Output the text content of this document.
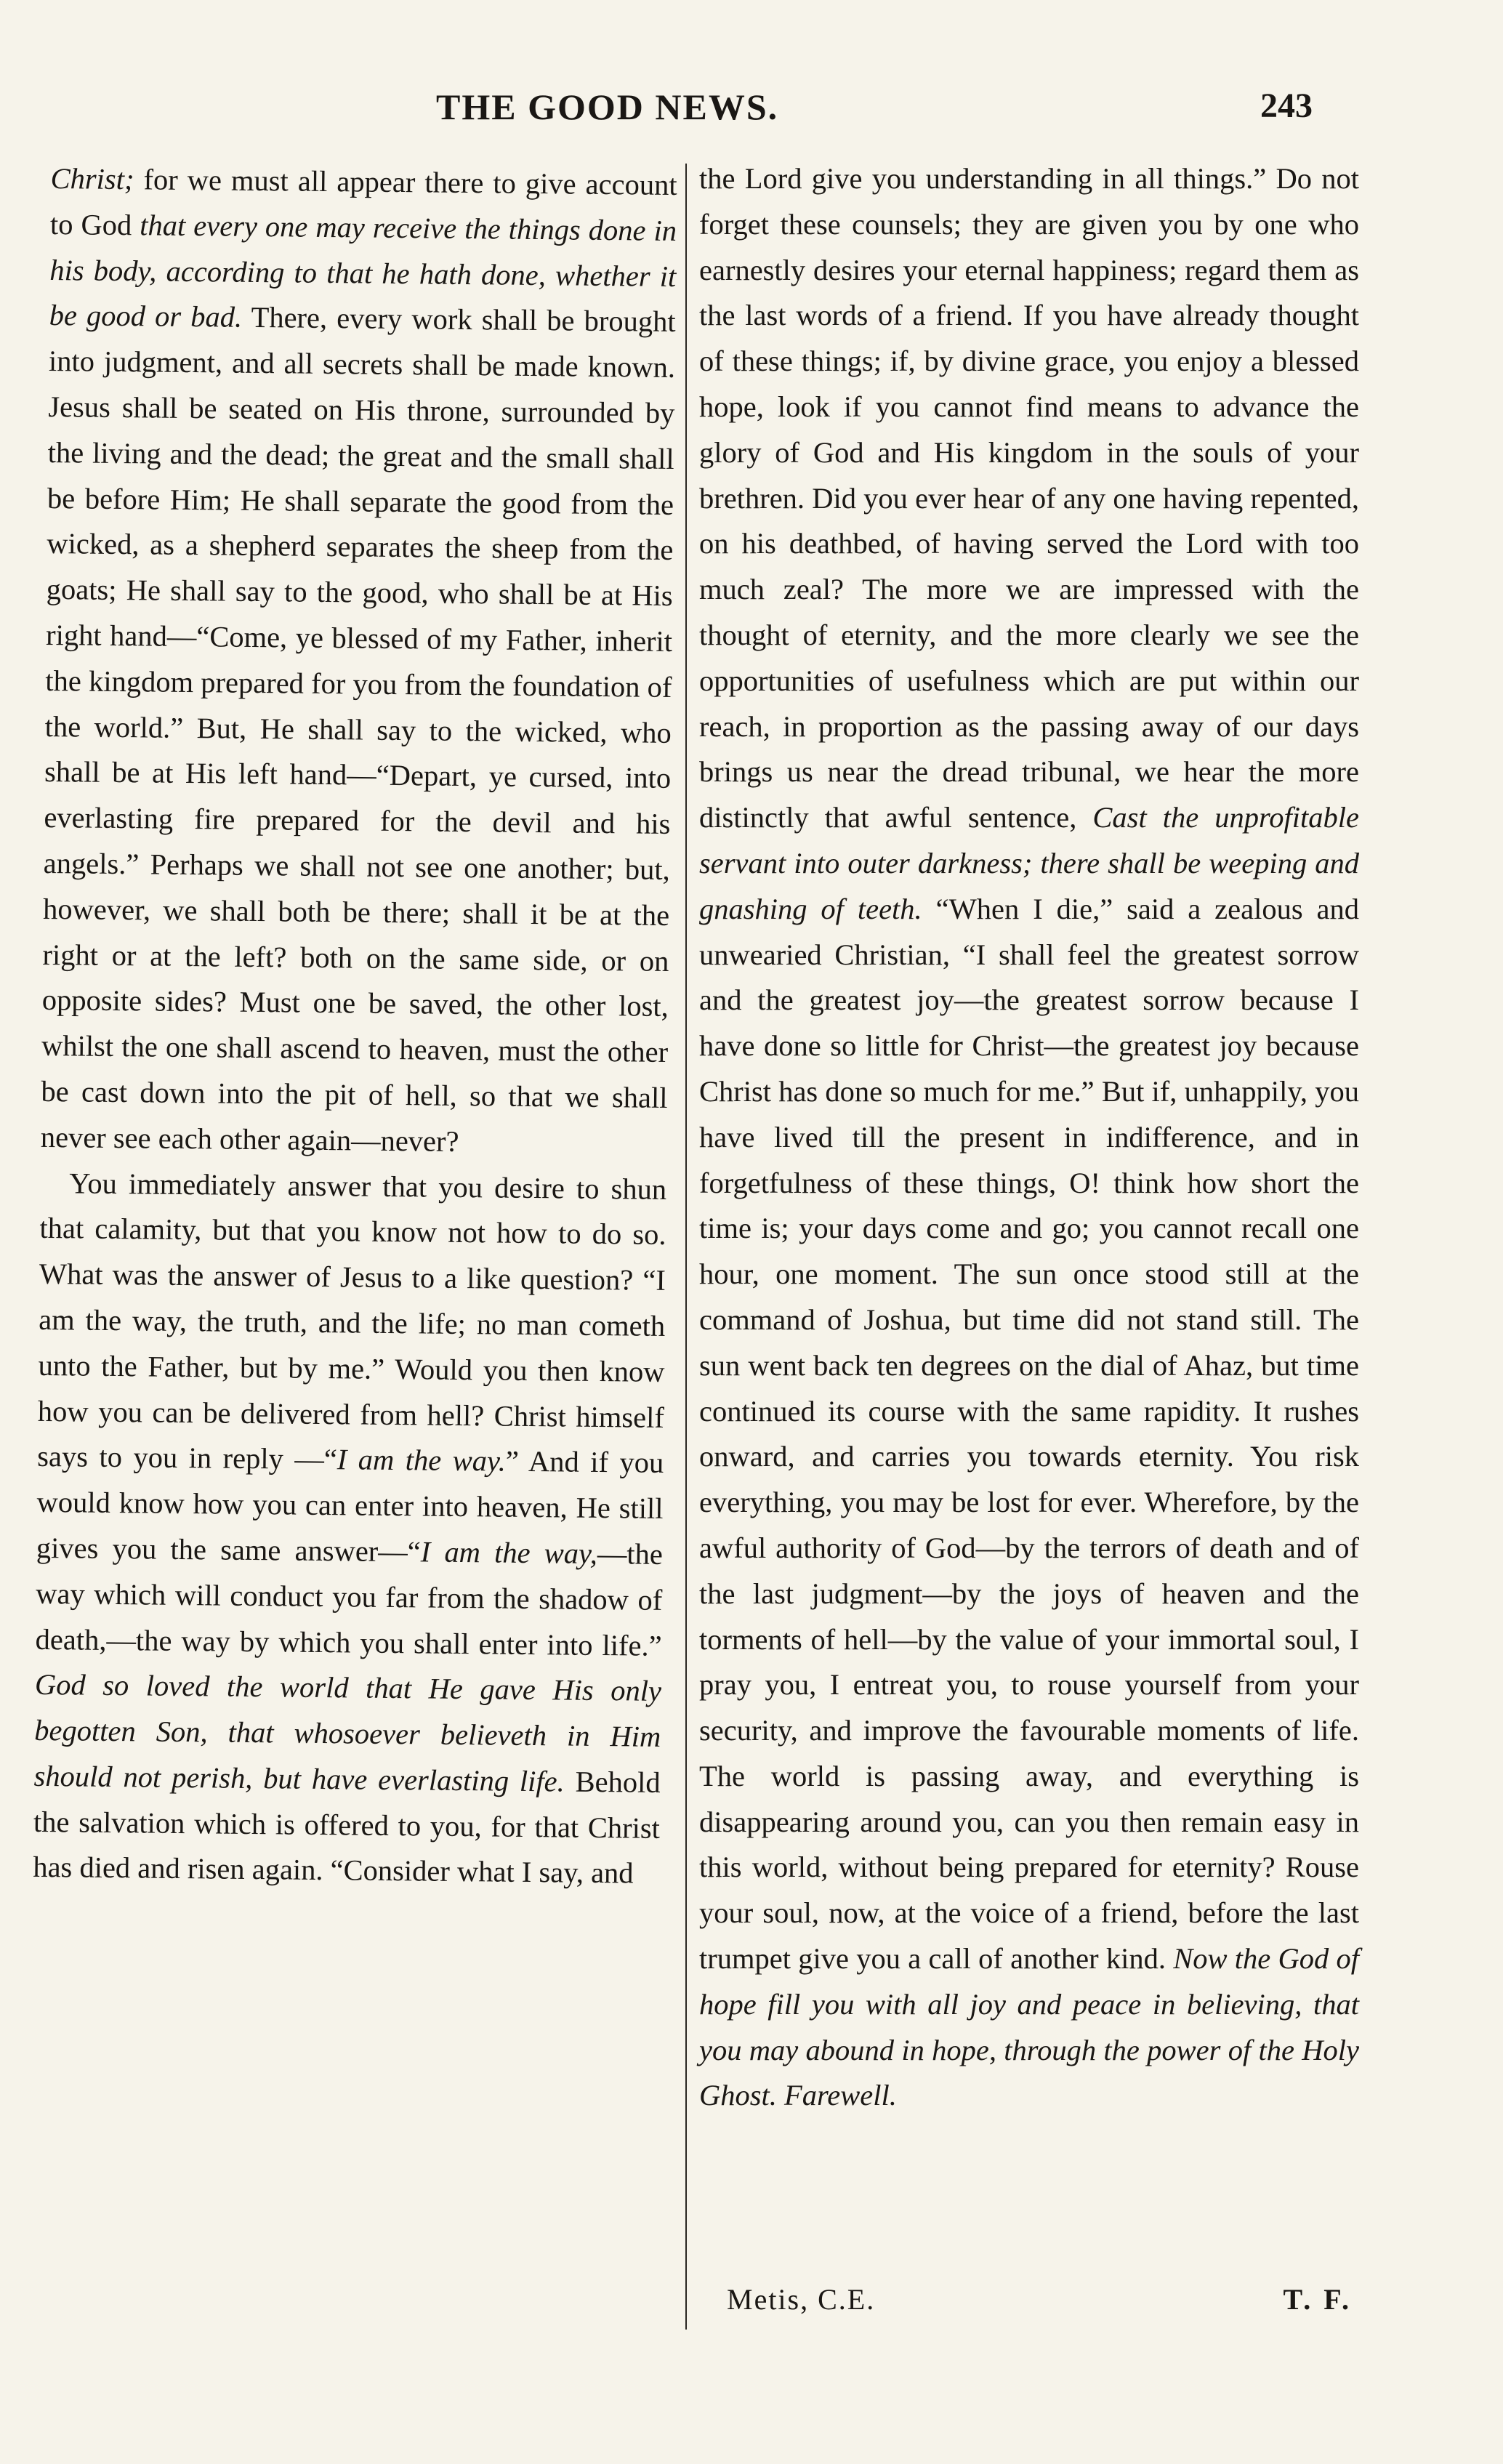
THE GOOD NEWS.	243

Christ; for we must all appear there to give account to God that every one may receive the things done in his body, according to that he hath done, whether it be good or bad. There, every work shall be brought into judgment, and all secrets shall be made known. Jesus shall be seated on His throne, surrounded by the living and the dead; the great and the small shall be before Him; He shall separate the good from the wicked, as a shepherd separates the sheep from the goats; He shall say to the good, who shall be at His right hand—“Come, ye blessed of my Father, inherit the kingdom prepared for you from the foundation of the world.” But, He shall say to the wicked, who shall be at His left hand—“Depart, ye cursed, into everlasting fire prepared for the devil and his angels.” Perhaps we shall not see one another; but, however, we shall both be there; shall it be at the right or at the left? both on the same side, or on opposite sides? Must one be saved, the other lost, whilst the one shall ascend to heaven, must the other be cast down into the pit of hell, so that we shall never see each other again—never?

You immediately answer that you desire to shun that calamity, but that you know not how to do so. What was the answer of Jesus to a like question? “I am the way, the truth, and the life; no man cometh unto the Father, but by me.” Would you then know how you can be delivered from hell? Christ himself says to you in reply —“I am the way.” And if you would know how you can enter into heaven, He still gives you the same answer—“I am the way,—the way which will conduct you far from the shadow of death,—the way by which you shall enter into life.” God so loved the world that He gave His only begotten Son, that whosoever believeth in Him should not perish, but have everlasting life. Behold the salvation which is offered to you, for that Christ has died and risen again. “Consider what I say, and

the Lord give you understanding in all things.” Do not forget these counsels; they are given you by one who earnestly desires your eternal happiness; regard them as the last words of a friend. If you have already thought of these things; if, by divine grace, you enjoy a blessed hope, look if you cannot find means to advance the glory of God and His kingdom in the souls of your brethren. Did you ever hear of any one having repented, on his deathbed, of having served the Lord with too much zeal? The more we are impressed with the thought of eternity, and the more clearly we see the opportunities of usefulness which are put within our reach, in proportion as the passing away of our days brings us near the dread tribunal, we hear the more distinctly that awful sentence, Cast the unprofitable servant into outer darkness; there shall be weeping and gnashing of teeth. “When I die,” said a zealous and unwearied Christian, “I shall feel the greatest sorrow and the greatest joy—the greatest sorrow because I have done so little for Christ—the greatest joy because Christ has done so much for me.” But if, unhappily, you have lived till the present in indifference, and in forgetfulness of these things, O! think how short the time is; your days come and go; you cannot recall one hour, one moment. The sun once stood still at the command of Joshua, but time did not stand still. The sun went back ten degrees on the dial of Ahaz, but time continued its course with the same rapidity. It rushes onward, and carries you towards eternity. You risk everything, you may be lost for ever. Wherefore, by the awful authority of God—by the terrors of death and of the last judgment—by the joys of heaven and the torments of hell—by the value of your immortal soul, I pray you, I entreat you, to rouse yourself from your security, and improve the favourable moments of life. The world is passing away, and everything is disappearing around you, can you then remain easy in this world, without being prepared for eternity? Rouse your soul, now, at the voice of a friend, before the last trumpet give you a call of another kind. Now the God of hope fill you with all joy and peace in believing, that you may abound in hope, through the power of the Holy Ghost. Farewell.

Metis, C.E.	T. F.
